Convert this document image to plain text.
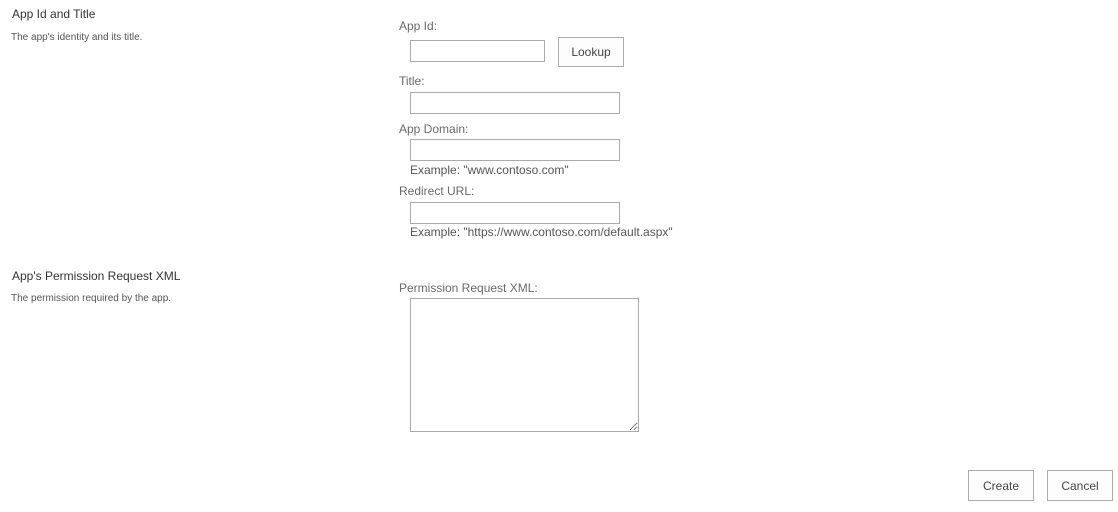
App Id and Title
The app's identity and its title.
App Id:
Lookup
Title:
App Domain:
Example: "www.contoso.com"
Redirect URL:
Example: "https://www.contoso.com/default.aspx"
App's Permission Request XML
The permission required by the app.
Permission Request XML:
Create	Cancel
